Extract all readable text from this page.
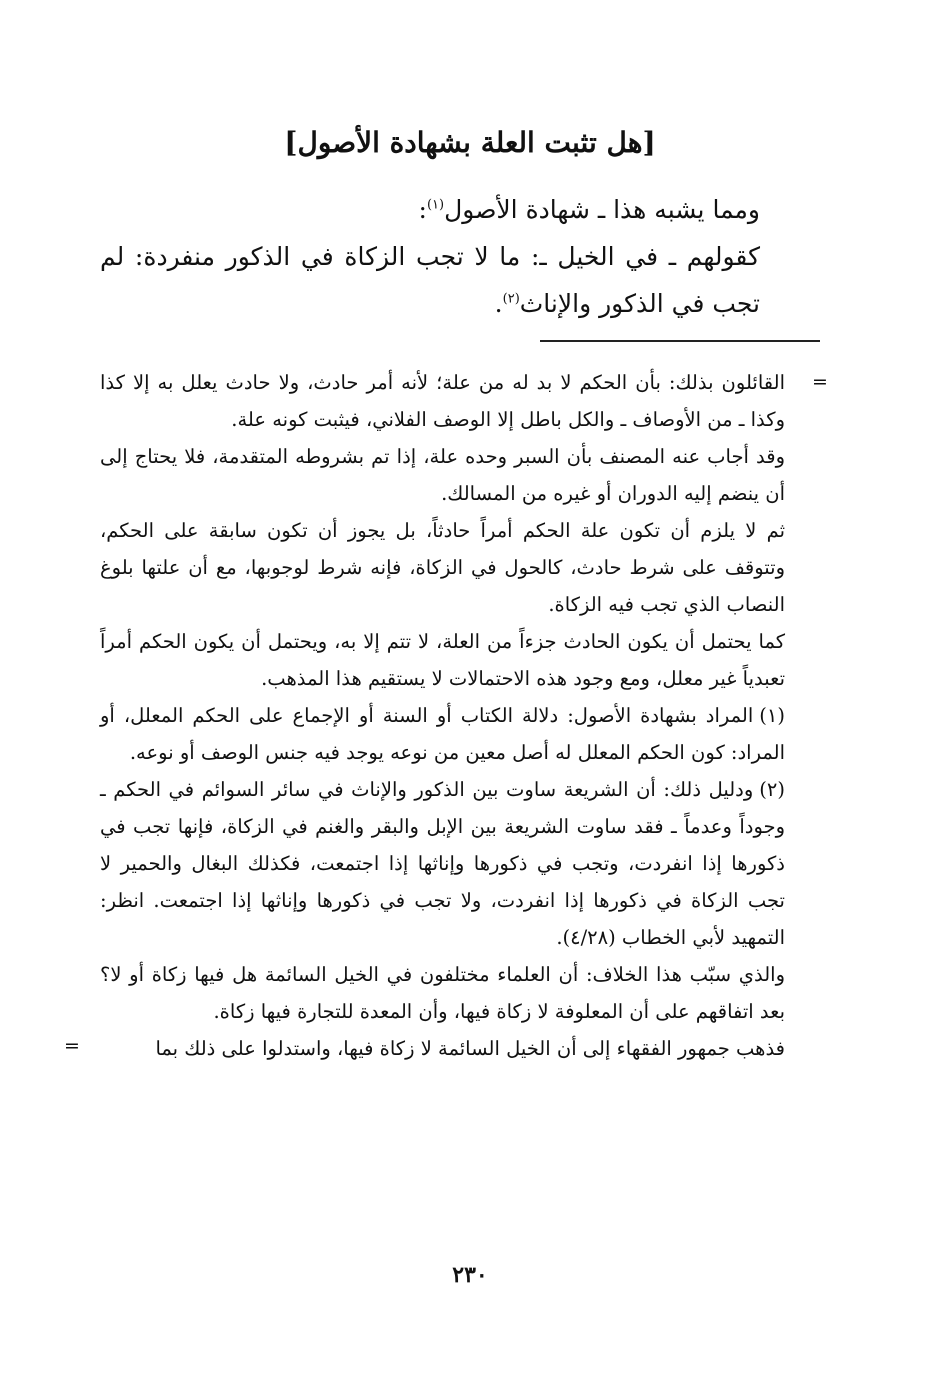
[هل تثبت العلة بشهادة الأصول]

ومما يشبه هذا ـ شهادة الأصول$^{(١)}$:

كقولهم ـ في الخيل ـ: ما لا تجب الزكاة في الذكور منفردة: لم تجب في الذكور والإناث$^{(٢)}$.

=

القائلون بذلك: بأن الحكم لا بد له من علة؛ لأنه أمر حادث، ولا حادث يعلل به إلا كذا وكذا ـ من الأوصاف ـ والكل باطل إلا الوصف الفلاني، فيثبت كونه علة.

وقد أجاب عنه المصنف بأن السبر وحده علة، إذا تم بشروطه المتقدمة، فلا يحتاج إلى أن ينضم إليه الدوران أو غيره من المسالك.

ثم لا يلزم أن تكون علة الحكم أمراً حادثاً، بل يجوز أن تكون سابقة على الحكم، وتتوقف على شرط حادث، كالحول في الزكاة، فإنه شرط لوجوبها، مع أن علتها بلوغ النصاب الذي تجب فيه الزكاة.

كما يحتمل أن يكون الحادث جزءاً من العلة، لا تتم إلا به، ويحتمل أن يكون الحكم أمراً تعبدياً غير معلل، ومع وجود هذه الاحتمالات لا يستقيم هذا المذهب.

(١)المراد بشهادة الأصول: دلالة الكتاب أو السنة أو الإجماع على الحكم المعلل، أو المراد: كون الحكم المعلل له أصل معين من نوعه يوجد فيه جنس الوصف أو نوعه.

(٢)ودليل ذلك: أن الشريعة ساوت بين الذكور والإناث في سائر السوائم في الحكم ـ وجوداً وعدماً ـ فقد ساوت الشريعة بين الإبل والبقر والغنم في الزكاة، فإنها تجب في ذكورها إذا انفردت، وتجب في ذكورها وإناثها إذا اجتمعت، فكذلك البغال والحمير لا تجب الزكاة في ذكورها إذا انفردت، ولا تجب في ذكورها وإناثها إذا اجتمعت. انظر: التمهيد لأبي الخطاب (٤/٢٨).

والذي سبّب هذا الخلاف: أن العلماء مختلفون في الخيل السائمة هل فيها زكاة أو لا؟ بعد اتفاقهم على أن المعلوفة لا زكاة فيها، وأن المعدة للتجارة فيها زكاة.

فذهب جمهور الفقهاء إلى أن الخيل السائمة لا زكاة فيها، واستدلوا على ذلك بما
=

٢٣٠
